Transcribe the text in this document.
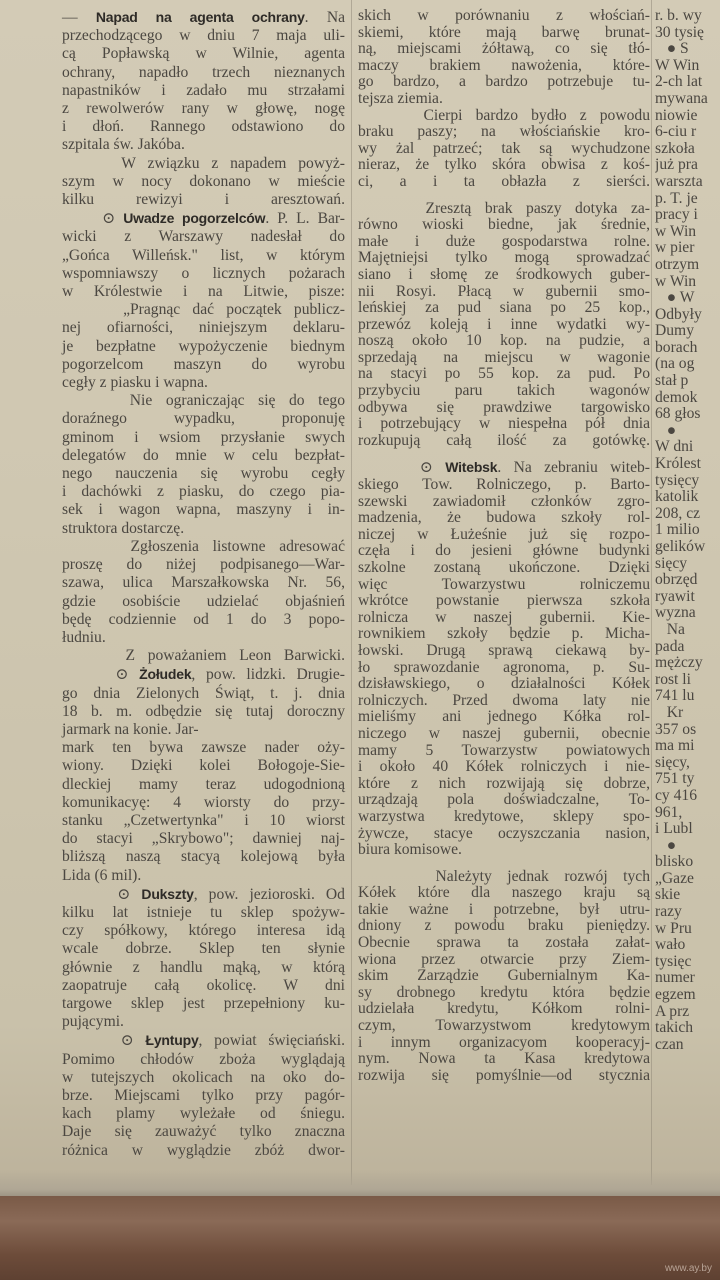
— Napad na agenta ochrany. Na
przechodzącego w dniu 7 maja uli-
cą Popławską w Wilnie, agenta
ochrany, napadło trzech nieznanych
napastników i zadało mu strzałami
z rewolwerów rany w głowę, nogę
i dłoń. Rannego odstawiono do
szpitala św. Jakóba.
W związku z napadem powyż-
szym w nocy dokonano w mieście
kilku rewizyi i aresztowań.
⊙ Uwadze pogorzelców. P. L. Bar-
wicki z Warszawy nadesłał do
„Gońca Willeńsk." list, w którym
wspomniawszy o licznych pożarach
w Królestwie i na Litwie, pisze:
„Pragnąc dać początek publicz-
nej ofiarności, niniejszym deklaru-
je bezpłatne wypożyczenie biednym
pogorzelcom maszyn do wyrobu
cegły z piasku i wapna.
Nie ograniczając się do tego
doraźnego wypadku, proponuję
gminom i wsiom przysłanie swych
delegatów do mnie w celu bezpłat-
nego nauczenia się wyrobu cegły
i dachówki z piasku, do czego pia-
sek i wagon wapna, maszyny i in-
struktora dostarczę.
Zgłoszenia listowne adresować
proszę do niżej podpisanego—War-
szawa, ulica Marszałkowska Nr. 56,
gdzie osobiście udzielać objaśnień
będę codziennie od 1 do 3 popo-
łudniu.
Z poważaniem Leon Barwicki.
⊙ Żołudek, pow. lidzki. Drugie-
go dnia Zielonych Świąt, t. j. dnia
18 b. m. odbędzie się tutaj doroczny
jarmark na konie. Jar-
mark ten bywa zawsze nader oży-
wiony. Dzięki kolei Bołogoje-Sie-
dleckiej mamy teraz udogodnioną
komunikacyę: 4 wiorsty do przy-
stanku „Czetwertynka" i 10 wiorst
do stacyi „Skrybowo"; dawniej naj-
bliższą naszą stacyą kolejową była
Lida (6 mil).
⊙ Dukszty, pow. jezioroski. Od
kilku lat istnieje tu sklep spożyw-
czy spółkowy, którego interesa idą
wcale dobrze. Sklep ten słynie
głównie z handlu mąką, w którą
zaopatruje całą okolicę. W dni
targowe sklep jest przepełniony ku-
pującymi.
⊙ Łyntupy, powiat święciański.
Pomimo chłodów zboża wyglądają
w tutejszych okolicach na oko do-
brze. Miejscami tylko przy pagór-
kach plamy wyleżałe od śniegu.
Daje się zauważyć tylko znaczna
różnica w wyglądzie zbóż dwor-
skich w porównaniu z włościań-
skiemi, które mają barwę brunat-
ną, miejscami żółtawą, co się tłó-
maczy brakiem nawożenia, które-
go bardzo, a bardzo potrzebuje tu-
tejsza ziemia.
Cierpi bardzo bydło z powodu
braku paszy; na włościańskie kro-
wy żal patrzeć; tak są wychudzone
nieraz, że tylko skóra obwisa z koś-
ci, a i ta obłazła z sierści.
Zresztą brak paszy dotyka za-
równo wioski biedne, jak średnie,
małe i duże gospodarstwa rolne.
Majętniejsi tylko mogą sprowadzać
siano i słomę ze środkowych guber-
nii Rosyi. Płacą w gubernii smo-
leńskiej za pud siana po 25 kop.,
przewóz koleją i inne wydatki wy-
noszą około 10 kop. na pudzie, a
sprzedają na miejscu w wagonie
na stacyi po 55 kop. za pud. Po
przybyciu paru takich wagonów
odbywa się prawdziwe targowisko
i potrzebujący w niespełna pół dnia
rozkupują całą ilość za gotówkę.
⊙ Witebsk. Na zebraniu witeb-
skiego Tow. Rolniczego, p. Barto-
szewski zawiadomił członków zgro-
madzenia, że budowa szkoły rol-
niczej w Łużeśnie już się rozpo-
częła i do jesieni główne budynki
szkolne zostaną ukończone. Dzięki
więc Towarzystwu rolniczemu
wkrótce powstanie pierwsza szkoła
rolnicza w naszej gubernii. Kie-
rownikiem szkoły będzie p. Micha-
łowski. Drugą sprawą ciekawą by-
ło sprawozdanie agronoma, p. Su-
dzisławskiego, o działalności Kółek
rolniczych. Przed dwoma laty nie
mieliśmy ani jednego Kółka rol-
niczego w naszej gubernii, obecnie
mamy 5 Towarzystw powiatowych
i około 40 Kółek rolniczych i nie-
które z nich rozwijają się dobrze,
urządzają pola doświadczalne, To-
warzystwa kredytowe, sklepy spo-
żywcze, stacye oczyszczania nasion,
biura komisowe.
Należyty jednak rozwój tych
Kółek które dla naszego kraju są
takie ważne i potrzebne, był utru-
dniony z powodu braku pieniędzy.
Obecnie sprawa ta została załat-
wiona przez otwarcie przy Ziem-
skim Zarządzie Gubernialnym Ka-
sy drobnego kredytu która będzie
udzielała kredytu, Kółkom rolni-
czym, Towarzystwom kredytowym
i innym organizacyom kooperacyj-
nym. Nowa ta Kasa kredytowa
rozwija się pomyślnie—od stycznia
r. b. wy
30 tysię
● S
W Win
2-ch lat
mywana
niowie
6-ciu r
szkoła
już pra
warszta
p. T. je
pracy i
w Win
w pier
otrzym
w Win
● W
Odbyły
Dumy
borach
(na og
stał p
demok
68 głos
●
W dni
Królest
tysięcy
katolik
208, cz
1 milio
gelików
sięcy
obrzęd
ryawit
wyzna
Na
pada
mężczy
rost li
741 lu
Kr
357 os
ma mi
sięcy,
751 ty
cy 416
961,
i Lubl
●
blisko
„Gaze
skie
razy
w Pru
wało
tysięc
numer
egzem
A prz
takich
czan
www.ay.by
